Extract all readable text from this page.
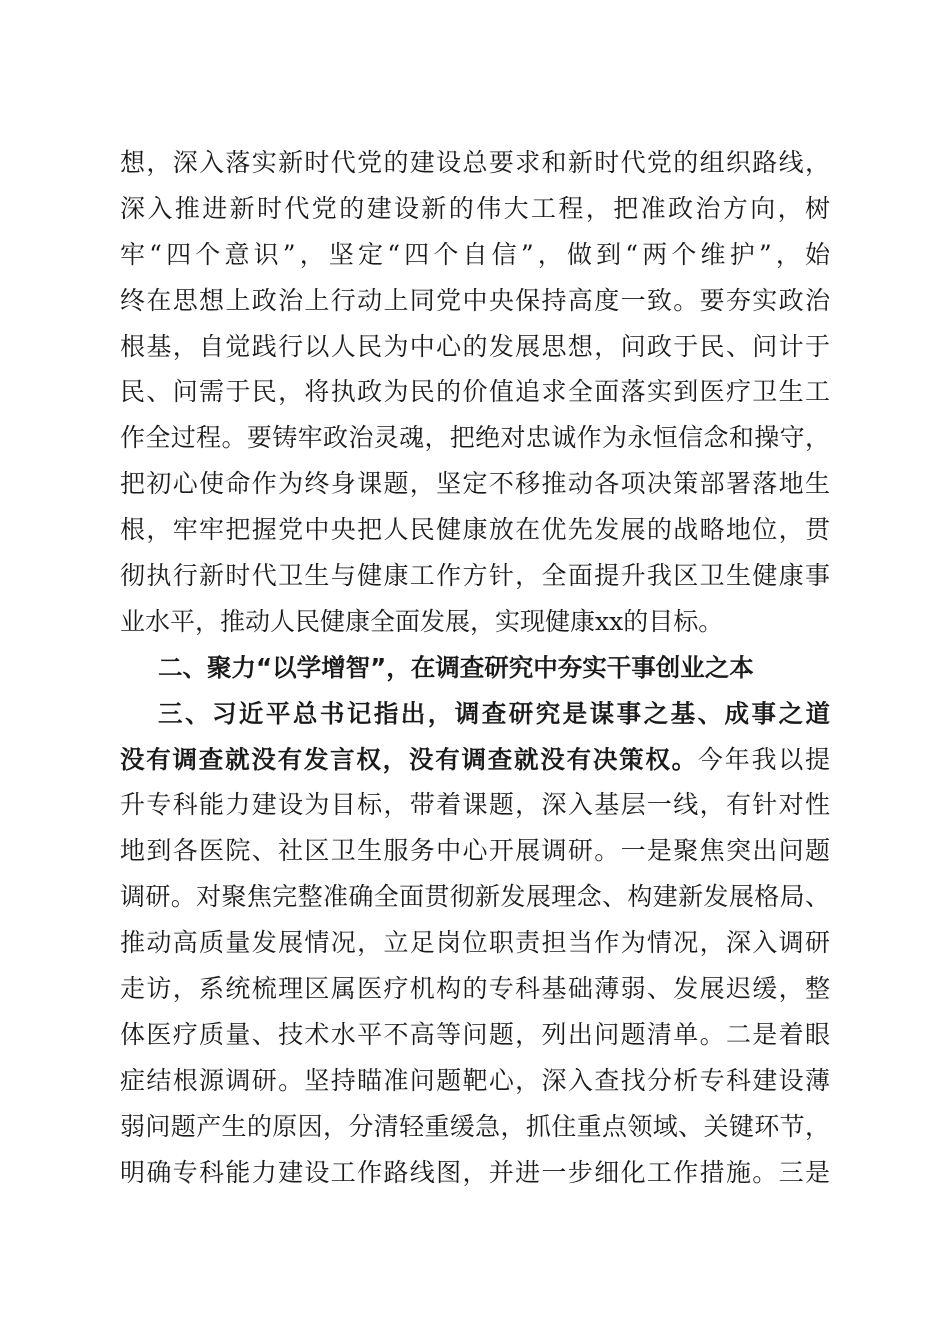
想，深入落实新时代党的建设总要求和新时代党的组织路线，
深入推进新时代党的建设新的伟大工程，把准政治方向，树
牢“四个意识”，坚定“四个自信”，做到“两个维护”，始
终在思想上政治上行动上同党中央保持高度一致。要夯实政治
根基，自觉践行以人民为中心的发展思想，问政于民、问计于
民、问需于民，将执政为民的价值追求全面落实到医疗卫生工
作全过程。要铸牢政治灵魂，把绝对忠诚作为永恒信念和操守，
把初心使命作为终身课题，坚定不移推动各项决策部署落地生
根，牢牢把握党中央把人民健康放在优先发展的战略地位，贯
彻执行新时代卫生与健康工作方针，全面提升我区卫生健康事
业水平，推动人民健康全面发展，实现健康xx的目标。
二、聚力“以学增智”，在调查研究中夯实干事创业之本
三、习近平总书记指出，调查研究是谋事之基、成事之道
没有调查就没有发言权，没有调查就没有决策权。今年我以提
升专科能力建设为目标，带着课题，深入基层一线，有针对性
地到各医院、社区卫生服务中心开展调研。一是聚焦突出问题
调研。对聚焦完整准确全面贯彻新发展理念、构建新发展格局、
推动高质量发展情况，立足岗位职责担当作为情况，深入调研
走访，系统梳理区属医疗机构的专科基础薄弱、发展迟缓，整
体医疗质量、技术水平不高等问题，列出问题清单。二是着眼
症结根源调研。坚持瞄准问题靶心，深入查找分析专科建设薄
弱问题产生的原因，分清轻重缓急，抓住重点领域、关键环节，
明确专科能力建设工作路线图，并进一步细化工作措施。三是
